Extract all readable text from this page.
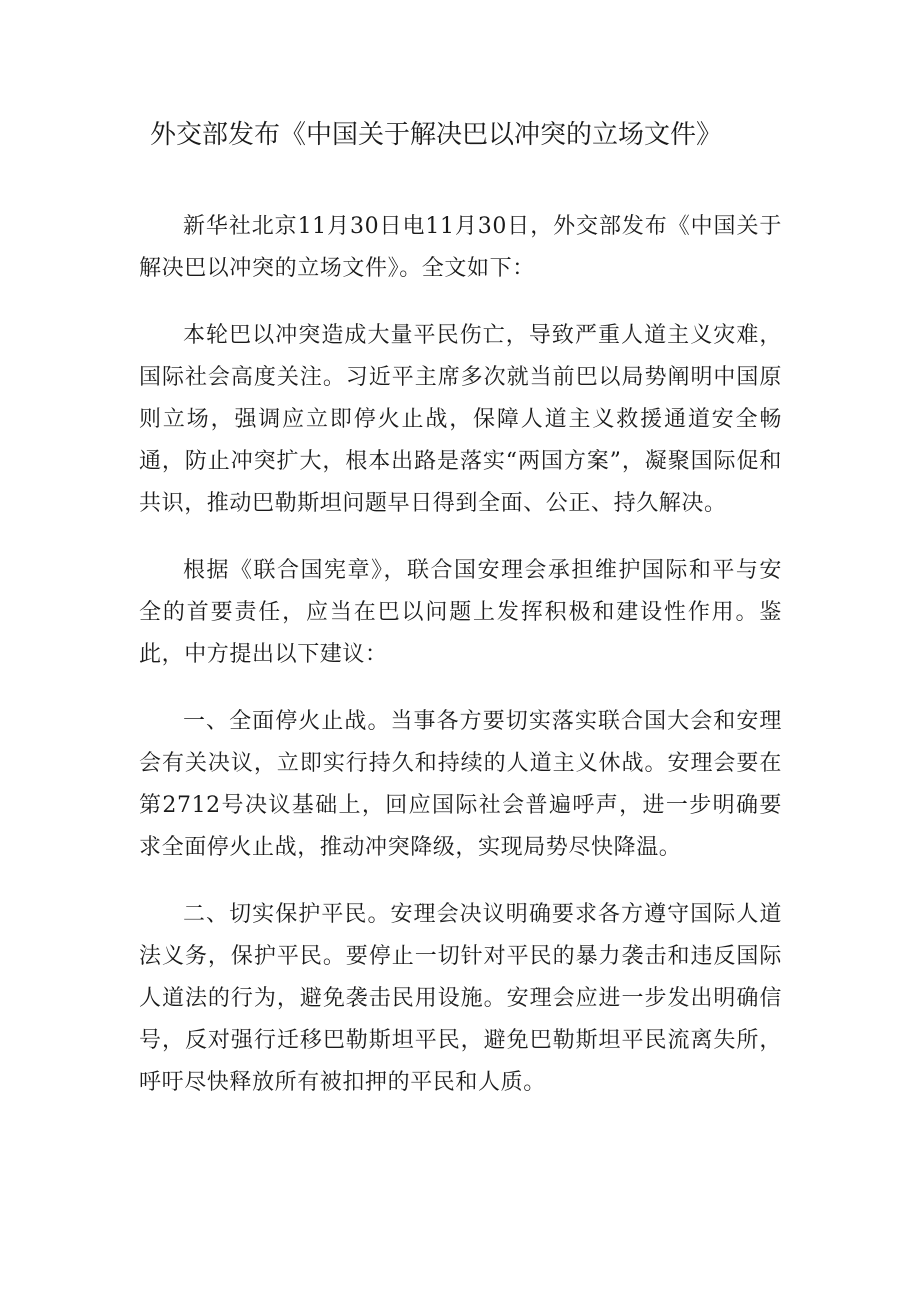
外交部发布《中国关于解决巴以冲突的立场文件》

新华社北京11月30日电11月30日，外交部发布《中国关于解决巴以冲突的立场文件》。全文如下：

本轮巴以冲突造成大量平民伤亡，导致严重人道主义灾难，国际社会高度关注。习近平主席多次就当前巴以局势阐明中国原则立场，强调应立即停火止战，保障人道主义救援通道安全畅通，防止冲突扩大，根本出路是落实“两国方案”，凝聚国际促和共识，推动巴勒斯坦问题早日得到全面、公正、持久解决。

根据《联合国宪章》，联合国安理会承担维护国际和平与安全的首要责任，应当在巴以问题上发挥积极和建设性作用。鉴此，中方提出以下建议：

一、全面停火止战。当事各方要切实落实联合国大会和安理会有关决议，立即实行持久和持续的人道主义休战。安理会要在第2712号决议基础上，回应国际社会普遍呼声，进一步明确要求全面停火止战，推动冲突降级，实现局势尽快降温。

二、切实保护平民。安理会决议明确要求各方遵守国际人道法义务，保护平民。要停止一切针对平民的暴力袭击和违反国际人道法的行为，避免袭击民用设施。安理会应进一步发出明确信号，反对强行迁移巴勒斯坦平民，避免巴勒斯坦平民流离失所，呼吁尽快释放所有被扣押的平民和人质。
